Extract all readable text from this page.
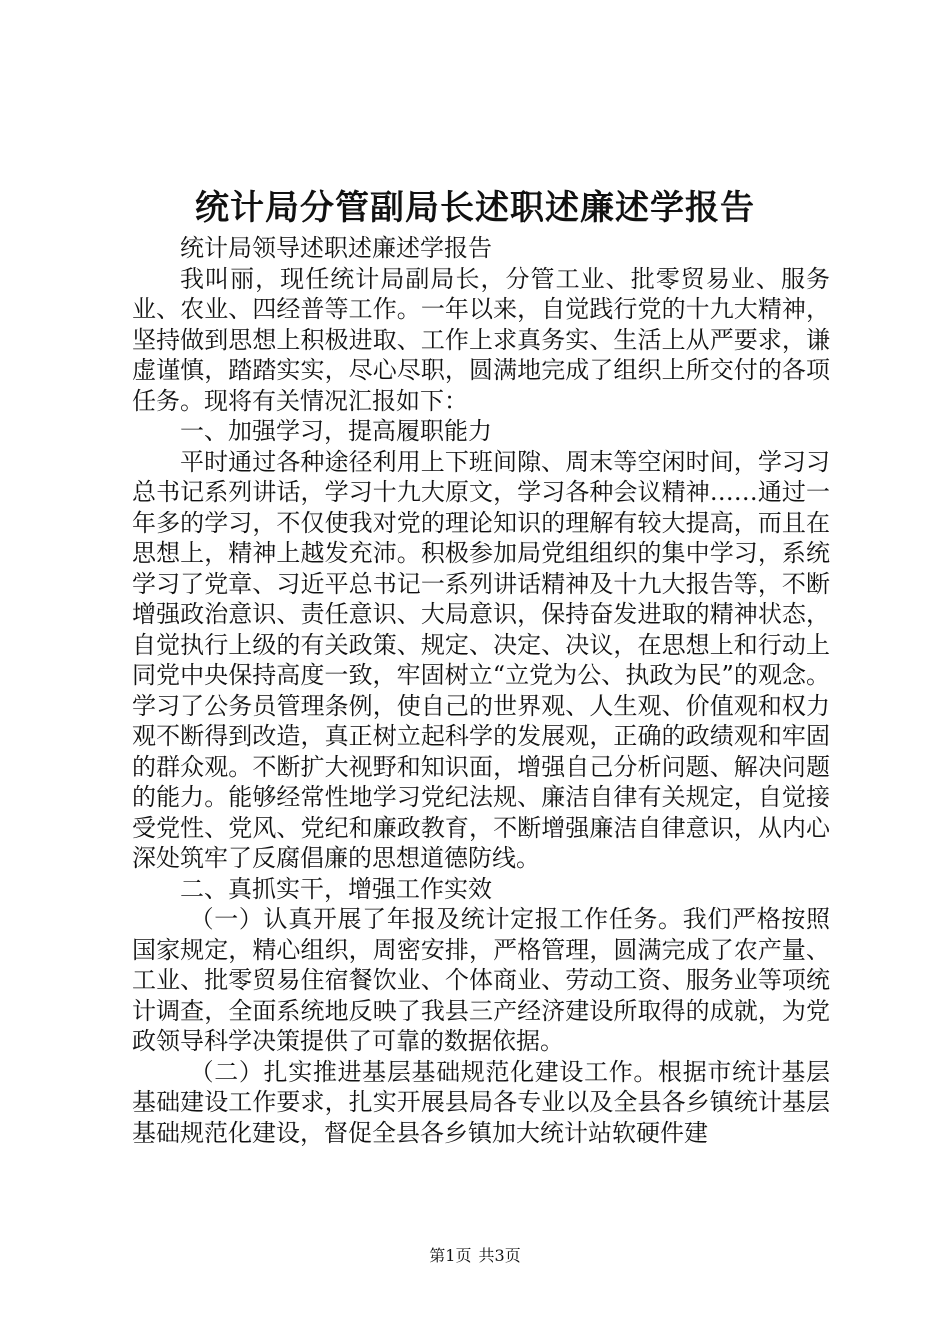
统计局分管副局长述职述廉述学报告

统计局领导述职述廉述学报告

我叫丽，现任统计局副局长，分管工业、批零贸易业、服务业、农业、四经普等工作。一年以来，自觉践行党的十九大精神，坚持做到思想上积极进取、工作上求真务实、生活上从严要求，谦虚谨慎，踏踏实实，尽心尽职，圆满地完成了组织上所交付的各项任务。现将有关情况汇报如下：

一、加强学习，提高履职能力

平时通过各种途径利用上下班间隙、周末等空闲时间，学习习总书记系列讲话，学习十九大原文，学习各种会议精神……通过一年多的学习，不仅使我对党的理论知识的理解有较大提高，而且在思想上，精神上越发充沛。积极参加局党组组织的集中学习，系统学习了党章、习近平总书记一系列讲话精神及十九大报告等，不断增强政治意识、责任意识、大局意识，保持奋发进取的精神状态，自觉执行上级的有关政策、规定、决定、决议，在思想上和行动上同党中央保持高度一致，牢固树立“立党为公、执政为民”的观念。学习了公务员管理条例，使自己的世界观、人生观、价值观和权力观不断得到改造，真正树立起科学的发展观，正确的政绩观和牢固的群众观。不断扩大视野和知识面，增强自己分析问题、解决问题的能力。能够经常性地学习党纪法规、廉洁自律有关规定，自觉接受党性、党风、党纪和廉政教育，不断增强廉洁自律意识，从内心深处筑牢了反腐倡廉的思想道德防线。

二、真抓实干，增强工作实效

（一）认真开展了年报及统计定报工作任务。我们严格按照国家规定，精心组织，周密安排，严格管理，圆满完成了农产量、工业、批零贸易住宿餐饮业、个体商业、劳动工资、服务业等项统计调查，全面系统地反映了我县三产经济建设所取得的成就，为党政领导科学决策提供了可靠的数据依据。

（二）扎实推进基层基础规范化建设工作。根据市统计基层基础建设工作要求，扎实开展县局各专业以及全县各乡镇统计基层基础规范化建设，督促全县各乡镇加大统计站软硬件建

第1页 共3页
